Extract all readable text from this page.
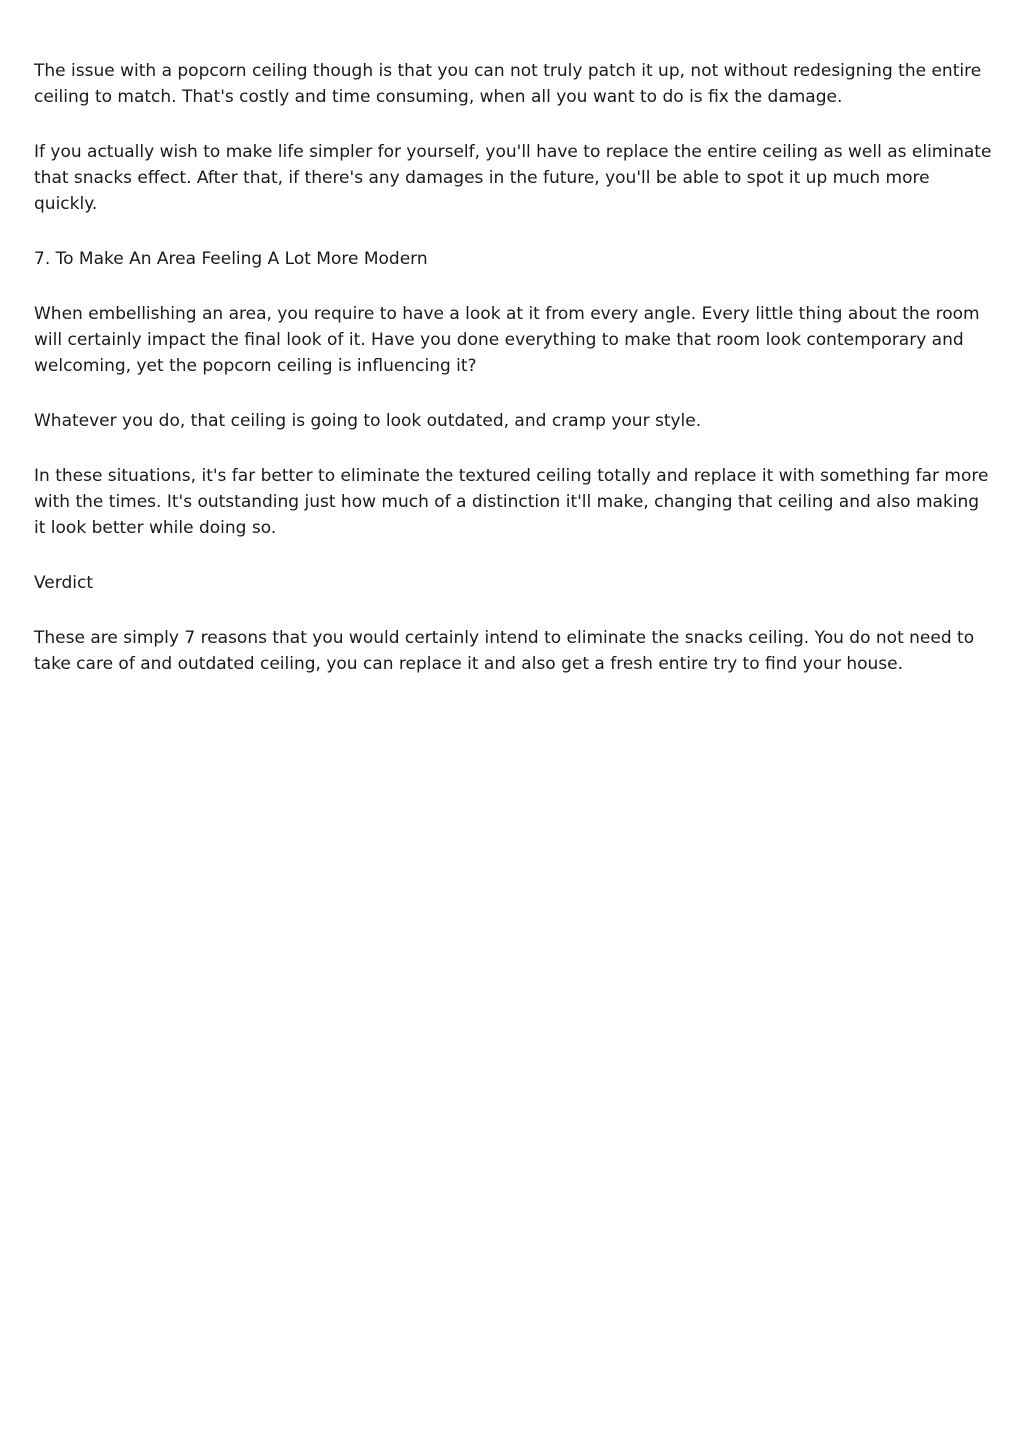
The issue with a popcorn ceiling though is that you can not truly patch it up, not without redesigning the entire ceiling to match. That's costly and time consuming, when all you want to do is fix the damage.

If you actually wish to make life simpler for yourself, you'll have to replace the entire ceiling as well as eliminate that snacks effect. After that, if there's any damages in the future, you'll be able to spot it up much more quickly.

7. To Make An Area Feeling A Lot More Modern

When embellishing an area, you require to have a look at it from every angle. Every little thing about the room will certainly impact the final look of it. Have you done everything to make that room look contemporary and welcoming, yet the popcorn ceiling is influencing it?

Whatever you do, that ceiling is going to look outdated, and cramp your style.

In these situations, it's far better to eliminate the textured ceiling totally and replace it with something far more with the times. It's outstanding just how much of a distinction it'll make, changing that ceiling and also making it look better while doing so.

Verdict

These are simply 7 reasons that you would certainly intend to eliminate the snacks ceiling. You do not need to take care of and outdated ceiling, you can replace it and also get a fresh entire try to find your house.
